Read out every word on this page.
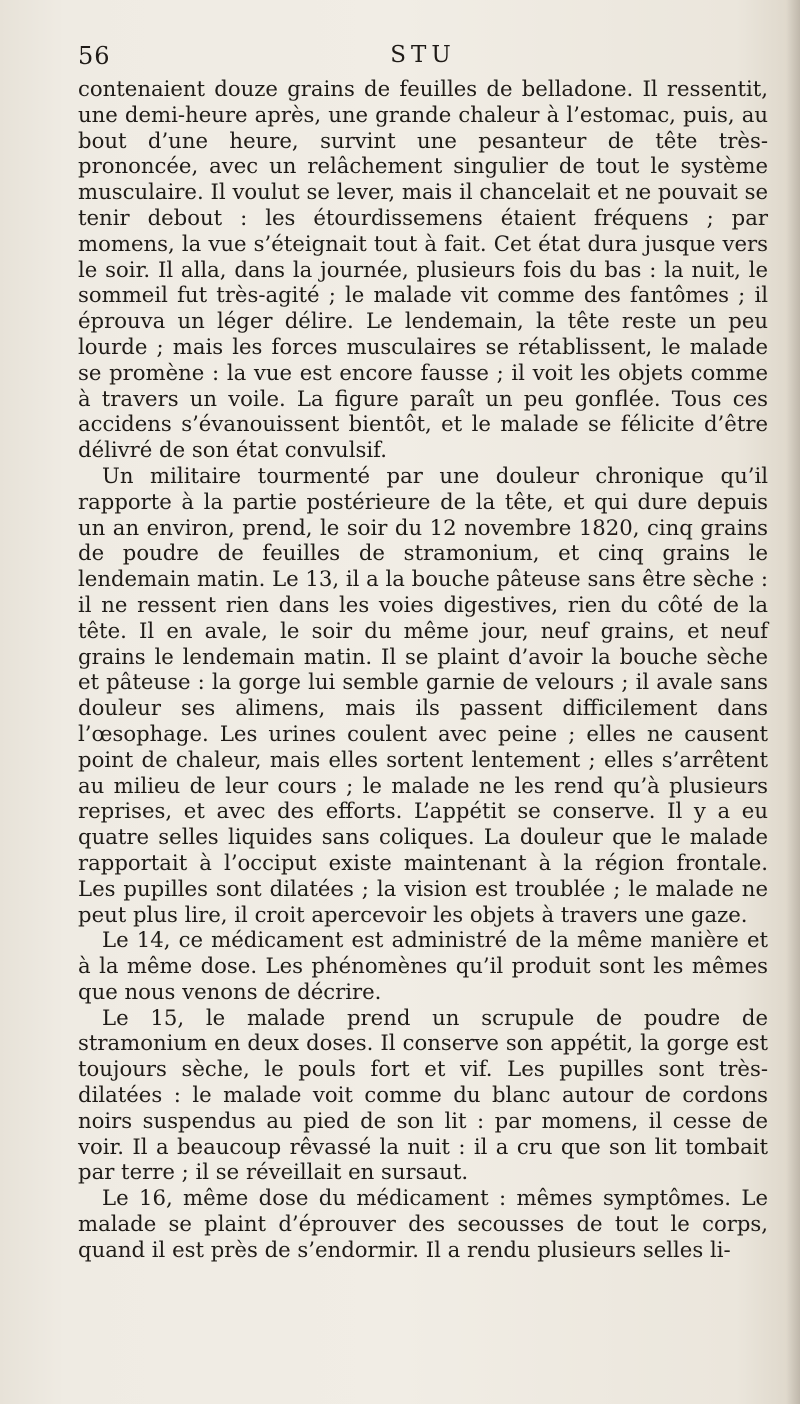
56	STU

contenaient douze grains de feuilles de belladone. Il ressentit, une demi-heure après, une grande chaleur à l’estomac, puis, au bout d’une heure, survint une pesanteur de tête très-prononcée, avec un relâchement singulier de tout le système musculaire. Il voulut se lever, mais il chancelait et ne pouvait se tenir debout : les étourdissemens étaient fréquens ; par momens, la vue s’éteignait tout à fait. Cet état dura jusque vers le soir. Il alla, dans la journée, plusieurs fois du bas : la nuit, le sommeil fut très-agité ; le malade vit comme des fantômes ; il éprouva un léger délire. Le lendemain, la tête reste un peu lourde ; mais les forces musculaires se rétablissent, le malade se promène : la vue est encore fausse ; il voit les objets comme à travers un voile. La figure paraît un peu gonflée. Tous ces accidens s’évanouissent bientôt, et le malade se félicite d’être délivré de son état convulsif.

Un militaire tourmenté par une douleur chronique qu’il rapporte à la partie postérieure de la tête, et qui dure depuis un an environ, prend, le soir du 12 novembre 1820, cinq grains de poudre de feuilles de stramonium, et cinq grains le lendemain matin. Le 13, il a la bouche pâteuse sans être sèche : il ne ressent rien dans les voies digestives, rien du côté de la tête. Il en avale, le soir du même jour, neuf grains, et neuf grains le lendemain matin. Il se plaint d’avoir la bouche sèche et pâteuse : la gorge lui semble garnie de velours ; il avale sans douleur ses alimens, mais ils passent difficilement dans l’œsophage. Les urines coulent avec peine ; elles ne causent point de chaleur, mais elles sortent lentement ; elles s’arrêtent au milieu de leur cours ; le malade ne les rend qu’à plusieurs reprises, et avec des efforts. L’appétit se conserve. Il y a eu quatre selles liquides sans coliques. La douleur que le malade rapportait à l’occiput existe maintenant à la région frontale. Les pupilles sont dilatées ; la vision est troublée ; le malade ne peut plus lire, il croit apercevoir les objets à travers une gaze.

Le 14, ce médicament est administré de la même manière et à la même dose. Les phénomènes qu’il produit sont les mêmes que nous venons de décrire.

Le 15, le malade prend un scrupule de poudre de stramonium en deux doses. Il conserve son appétit, la gorge est toujours sèche, le pouls fort et vif. Les pupilles sont très-dilatées : le malade voit comme du blanc autour de cordons noirs suspendus au pied de son lit : par momens, il cesse de voir. Il a beaucoup rêvassé la nuit : il a cru que son lit tombait par terre ; il se réveillait en sursaut.

Le 16, même dose du médicament : mêmes symptômes. Le malade se plaint d’éprouver des secousses de tout le corps, quand il est près de s’endormir. Il a rendu plusieurs selles li-
